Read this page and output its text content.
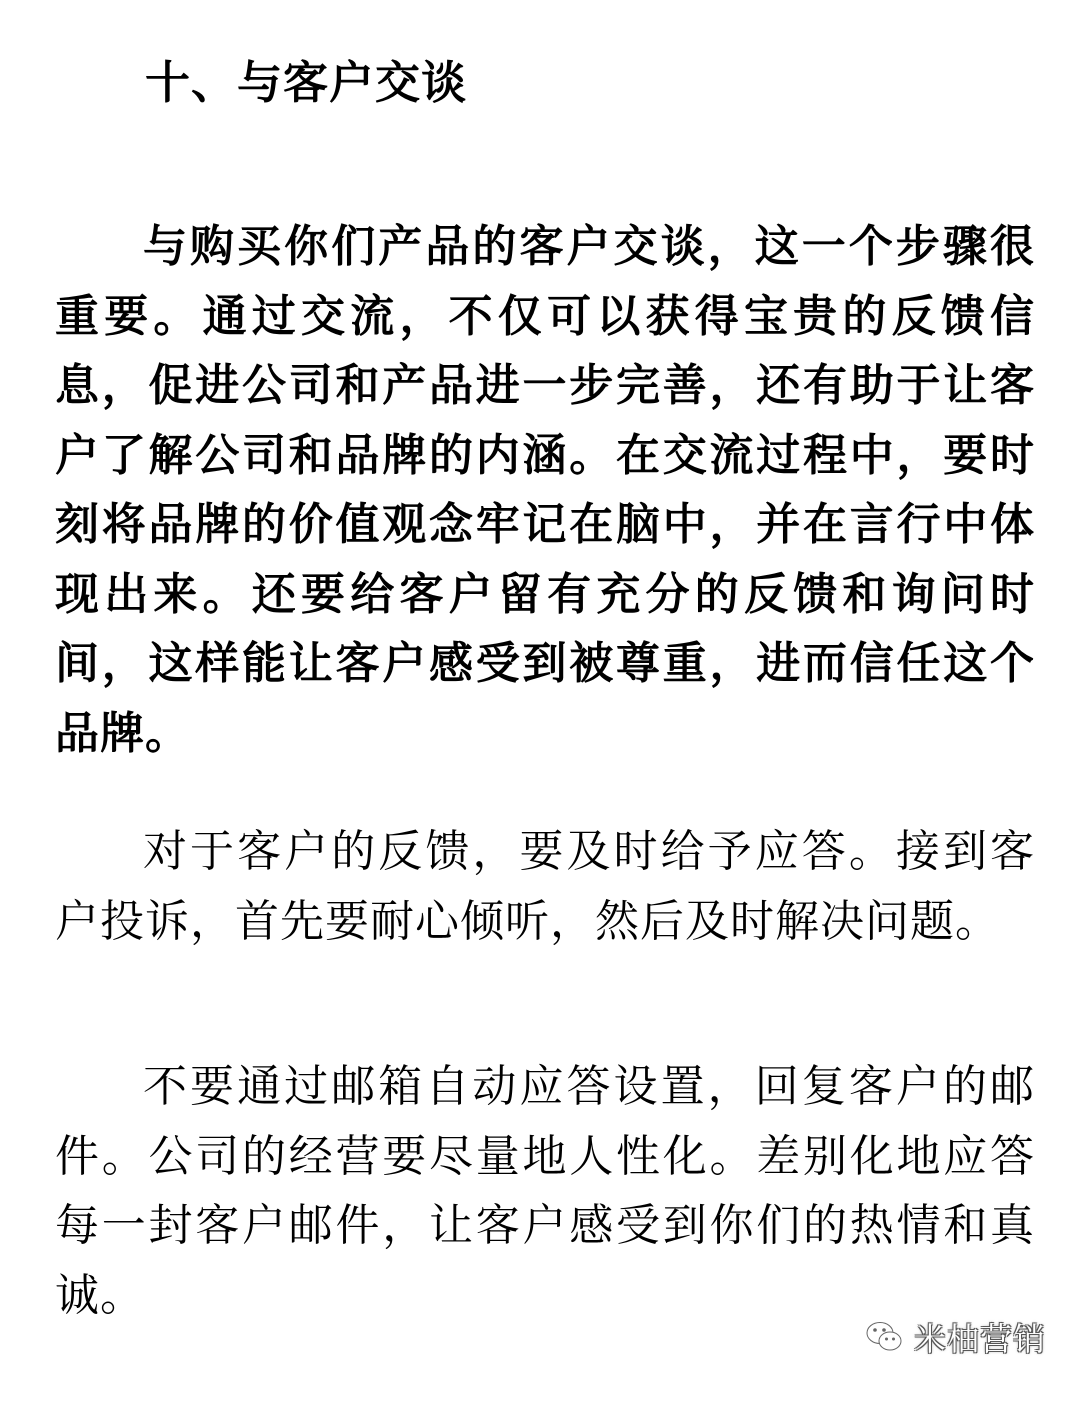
十、与客户交谈

与购买你们产品的客户交谈，这一个步骤很重要。通过交流，不仅可以获得宝贵的反馈信息，促进公司和产品进一步完善，还有助于让客户了解公司和品牌的内涵。在交流过程中，要时刻将品牌的价值观念牢记在脑中，并在言行中体现出来。还要给客户留有充分的反馈和询问时间，这样能让客户感受到被尊重，进而信任这个品牌。

对于客户的反馈，要及时给予应答。接到客户投诉，首先要耐心倾听，然后及时解决问题。

不要通过邮箱自动应答设置，回复客户的邮件。公司的经营要尽量地人性化。差别化地应答每一封客户邮件，让客户感受到你们的热情和真诚。

米柚营销
